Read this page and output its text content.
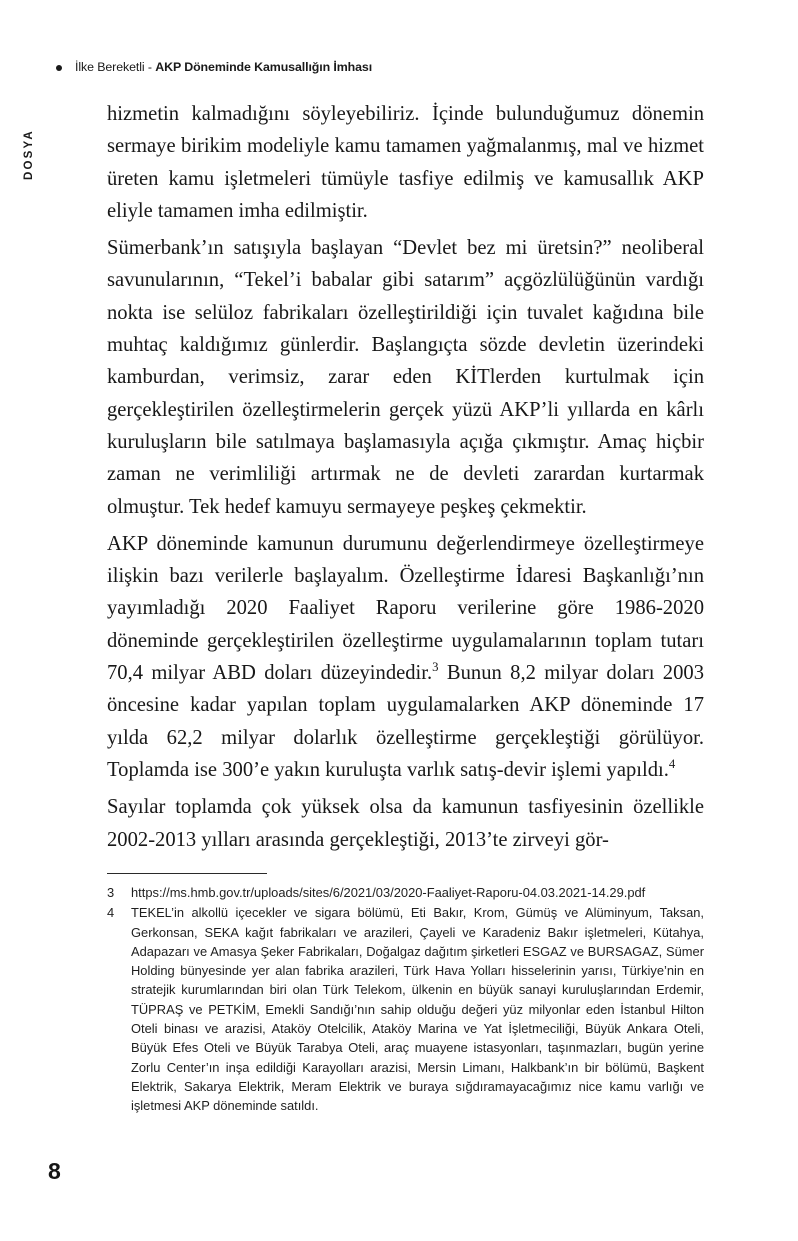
İlke Bereketli - AKP Döneminde Kamusallığın İmhası
DOSYA

hizmetin kalmadığını söyleyebiliriz. İçinde bulunduğumuz dönemin sermaye birikim modeliyle kamu tamamen yağmalanmış, mal ve hizmet üreten kamu işletmeleri tümüyle tasfiye edilmiş ve kamusallık AKP eliyle tamamen imha edilmiştir.

Sümerbank’ın satışıyla başlayan “Devlet bez mi üretsin?” neoliberal savunularının, “Tekel’i babalar gibi satarım” açgözlülüğünün vardığı nokta ise selüloz fabrikaları özelleştirildiği için tuvalet kağıdına bile muhtaç kaldığımız günlerdir. Başlangıçta sözde devletin üzerindeki kamburdan, verimsiz, zarar eden KİTlerden kurtulmak için gerçekleştirilen özelleştirmelerin gerçek yüzü AKP’li yıllarda en kârlı kuruluşların bile satılmaya başlamasıyla açığa çıkmıştır. Amaç hiçbir zaman ne verimliliği artırmak ne de devleti zarardan kurtarmak olmuştur. Tek hedef kamuyu sermayeye peşkeş çekmektir.

AKP döneminde kamunun durumunu değerlendirmeye özelleştirmeye ilişkin bazı verilerle başlayalım. Özelleştirme İdaresi Başkanlığı’nın yayımladığı 2020 Faaliyet Raporu verilerine göre 1986-2020 döneminde gerçekleştirilen özelleştirme uygulamalarının toplam tutarı 70,4 milyar ABD doları düzeyindedir.$^3$ Bunun 8,2 milyar doları 2003 öncesine kadar yapılan toplam uygulamalarken AKP döneminde 17 yılda 62,2 milyar dolarlık özelleştirme gerçekleştiği görülüyor. Toplamda ise 300’e yakın kuruluşta varlık satış-devir işlemi yapıldı.$^4$

Sayılar toplamda çok yüksek olsa da kamunun tasfiyesinin özellikle 2002-2013 yılları arasında gerçekleştiği, 2013’te zirveyi gör-

3	https://ms.hmb.gov.tr/uploads/sites/6/2021/03/2020-Faaliyet-Raporu-04.03.2021-14.29.pdf
4	TEKEL’in alkollü içecekler ve sigara bölümü, Eti Bakır, Krom, Gümüş ve Alüminyum, Taksan, Gerkonsan, SEKA kağıt fabrikaları ve arazileri, Çayeli ve Karadeniz Bakır işletmeleri, Kütahya, Adapazarı ve Amasya Şeker Fabrikaları, Doğalgaz dağıtım şirketleri ESGAZ ve BURSAGAZ, Sümer Holding bünyesinde yer alan fabrika arazileri, Türk Hava Yolları hisselerinin yarısı, Türkiye’nin en stratejik kurumlarından biri olan Türk Telekom, ülkenin en büyük sanayi kuruluşlarından Erdemir, TÜPRAŞ ve PETKİM, Emekli Sandığı’nın sahip olduğu değeri yüz milyonlar eden İstanbul Hilton Oteli binası ve arazisi, Ataköy Otelcilik, Ataköy Marina ve Yat İşletmeciliği, Büyük Ankara Oteli, Büyük Efes Oteli ve Büyük Tarabya Oteli, araç muayene istasyonları, taşınmazları, bugün yerine Zorlu Center’ın inşa edildiği Karayolları arazisi, Mersin Limanı, Halkbank’ın bir bölümü, Başkent Elektrik, Sakarya Elektrik, Meram Elektrik ve buraya sığdıramayacağımız nice kamu varlığı ve işletmesi AKP döneminde satıldı.
8
